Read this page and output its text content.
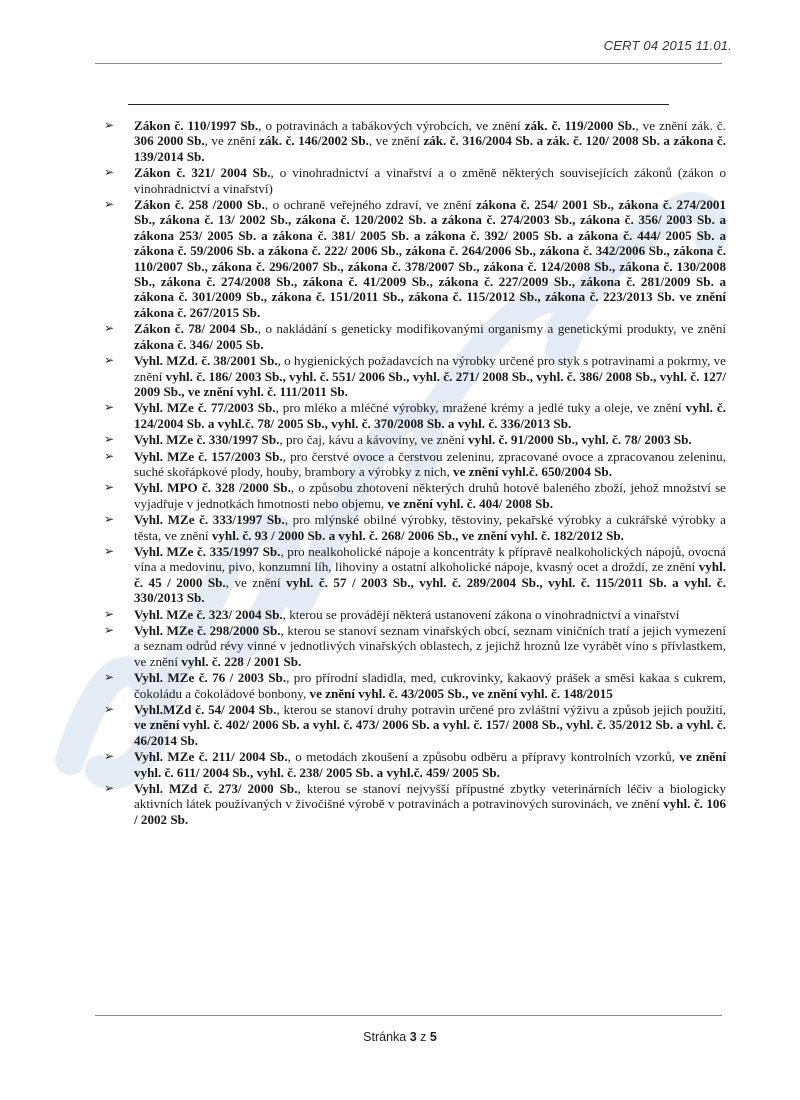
CERT 04 2015 11.01.
➢ Zákon č. 110/1997 Sb., o potravinách a tabákových výrobcích, ve znění zák. č. 119/2000 Sb., ve znění zák. č. 306 2000 Sb., ve znění zák. č. 146/2002 Sb., ve znění zák. č. 316/2004 Sb. a zák. č. 120/ 2008 Sb. a zákona č. 139/2014 Sb.
➢ Zákon č. 321/ 2004 Sb., o vinohradnictví a vinařství a o změně některých souvisejících zákonů (zákon o vinohradnictví a vinařství)
➢ Zákon č. 258 /2000 Sb., o ochraně veřejného zdraví, ve znění zákona č. 254/ 2001 Sb., zákona č. 274/2001 Sb., zákona č. 13/ 2002 Sb., zákona č. 120/2002 Sb. a zákona č. 274/2003 Sb., zákona č. 356/ 2003 Sb. a zákona 253/ 2005 Sb. a zákona č. 381/ 2005 Sb. a zákona č. 392/ 2005 Sb. a zákona č. 444/ 2005 Sb. a zákona č. 59/2006 Sb. a zákona č. 222/ 2006 Sb., zákona č. 264/2006 Sb., zákona č. 342/2006 Sb., zákona č. 110/2007 Sb., zákona č. 296/2007 Sb., zákona č. 378/2007 Sb., zákona č. 124/2008 Sb., zákona č. 130/2008 Sb., zákona č. 274/2008 Sb., zákona č. 41/2009 Sb., zákona č. 227/2009 Sb., zákona č. 281/2009 Sb. a zákona č. 301/2009 Sb., zákona č. 151/2011 Sb., zákona č. 115/2012 Sb., zákona č. 223/2013 Sb. ve znění zákona č. 267/2015 Sb.
➢ Zákon č. 78/ 2004 Sb., o nakládání s geneticky modifikovanými organismy a genetickými produkty, ve znění zákona č. 346/ 2005 Sb.
➢ Vyhl. MZd. č. 38/2001 Sb., o hygienických požadavcích na výrobky určené pro styk s potravinami a pokrmy, ve znění vyhl. č. 186/ 2003 Sb., vyhl. č. 551/ 2006 Sb., vyhl. č. 271/ 2008 Sb., vyhl. č. 386/ 2008 Sb., vyhl. č. 127/ 2009 Sb., ve znění vyhl. č. 111/2011 Sb.
➢ Vyhl. MZe č. 77/2003 Sb., pro mléko a mléčné výrobky, mražené krémy a jedlé tuky a oleje, ve znění vyhl. č. 124/2004 Sb. a vyhl.č. 78/ 2005 Sb., vyhl. č. 370/2008 Sb. a vyhl. č. 336/2013 Sb.
➢ Vyhl. MZe č. 330/1997 Sb., pro čaj, kávu a kávoviny, ve znění vyhl. č. 91/2000 Sb., vyhl. č. 78/ 2003 Sb.
➢ Vyhl. MZe č. 157/2003 Sb., pro čerstvé ovoce a čerstvou zeleninu, zpracované ovoce a zpracovanou zeleninu, suché skořápkové plody, houby, brambory a výrobky z nich, ve znění vyhl.č. 650/2004 Sb.
➢ Vyhl. MPO č. 328 /2000 Sb., o způsobu zhotovení některých druhů hotově baleného zboží, jehož množství se vyjadřuje v jednotkách hmotnosti nebo objemu, ve znění vyhl. č. 404/ 2008 Sb.
➢ Vyhl. MZe č. 333/1997 Sb., pro mlýnské obilné výrobky, těstoviny, pekařské výrobky a cukrářské výrobky a těsta, ve znění vyhl. č. 93 / 2000 Sb. a vyhl. č. 268/ 2006 Sb., ve znění vyhl. č. 182/2012 Sb.
➢ Vyhl. MZe č. 335/1997 Sb., pro nealkoholické nápoje a koncentráty k přípravě nealkoholických nápojů, ovocná vína a medovinu, pivo, konzumní líh, lihoviny a ostatní alkoholické nápoje, kvasný ocet a droždí, ze znění vyhl. č. 45 / 2000 Sb., ve znění vyhl. č. 57 / 2003 Sb., vyhl. č. 289/2004 Sb., vyhl. č. 115/2011 Sb. a vyhl. č. 330/2013 Sb.
➢ Vyhl. MZe č. 323/ 2004 Sb., kterou se provádějí některá ustanovení zákona o vinohradnictví a vinařství
➢ Vyhl. MZe č. 298/2000 Sb., kterou se stanoví seznam vinařských obcí, seznam viničních tratí a jejich vymezení a seznam odrůd révy vinné v jednotlivých vinařských oblastech, z jejichž hroznů lze vyrábět víno s přívlastkem, ve znění vyhl. č. 228 / 2001 Sb.
➢ Vyhl. MZe č. 76 / 2003 Sb., pro přírodní sladidla, med, cukrovinky, kakaový prášek a směsi kakaa s cukrem, čokoládu a čokoládové bonbony, ve znění vyhl. č. 43/2005 Sb., ve znění vyhl. č. 148/2015
➢ Vyhl.MZd č. 54/ 2004 Sb., kterou se stanoví druhy potravin určené pro zvláštní výživu a způsob jejich použití, ve znění vyhl. č. 402/ 2006 Sb. a vyhl. č. 473/ 2006 Sb. a vyhl. č. 157/ 2008 Sb., vyhl. č. 35/2012 Sb. a vyhl. č. 46/2014 Sb.
➢ Vyhl. MZe č. 211/ 2004 Sb., o metodách zkoušení a způsobu odběru a přípravy kontrolních vzorků, ve znění vyhl. č. 611/ 2004 Sb., vyhl. č. 238/ 2005 Sb. a vyhl.č. 459/ 2005 Sb.
➢ Vyhl. MZd č. 273/ 2000 Sb., kterou se stanoví nejvyšší přípustné zbytky veterinárních léčiv a biologicky aktivních látek používaných v živočišné výrobě v potravinách a potravinových surovinách, ve znění vyhl. č. 106 / 2002 Sb.
Stránka 3 z 5
